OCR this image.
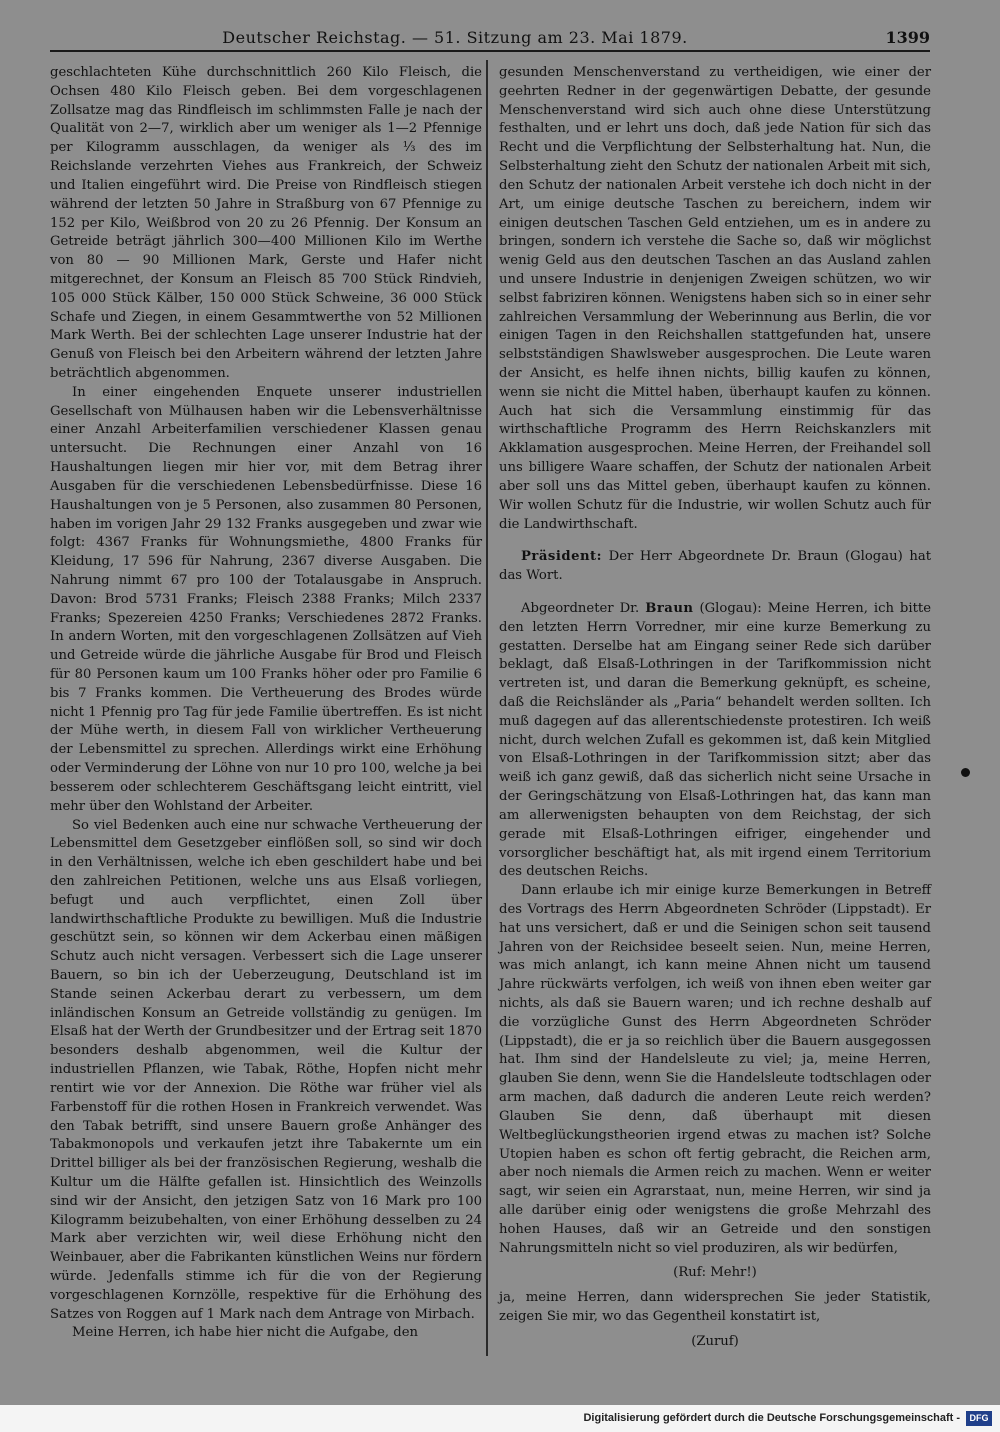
Deutscher Reichstag. — 51. Sitzung am 23. Mai 1879.	1399

geschlachteten Kühe durchschnittlich 260 Kilo Fleisch, die Ochsen 480 Kilo Fleisch geben. Bei dem vorgeschlagenen Zollsatze mag das Rindfleisch im schlimmsten Falle je nach der Qualität von 2—7, wirklich aber um weniger als 1—2 Pfennige per Kilogramm ausschlagen, da weniger als ⅓ des im Reichslande verzehrten Viehes aus Frankreich, der Schweiz und Italien eingeführt wird. Die Preise von Rindfleisch stiegen während der letzten 50 Jahre in Straßburg von 67 Pfennige zu 152 per Kilo, Weißbrod von 20 zu 26 Pfennig. Der Konsum an Getreide beträgt jährlich 300—400 Millionen Kilo im Werthe von 80 — 90 Millionen Mark, Gerste und Hafer nicht mitgerechnet, der Konsum an Fleisch 85 700 Stück Rindvieh, 105 000 Stück Kälber, 150 000 Stück Schweine, 36 000 Stück Schafe und Ziegen, in einem Gesammtwerthe von 52 Millionen Mark Werth. Bei der schlechten Lage unserer Industrie hat der Genuß von Fleisch bei den Arbeitern während der letzten Jahre beträchtlich abgenommen.

In einer eingehenden Enquete unserer industriellen Gesellschaft von Mülhausen haben wir die Lebensverhältnisse einer Anzahl Arbeiterfamilien verschiedener Klassen genau untersucht. Die Rechnungen einer Anzahl von 16 Haushaltungen liegen mir hier vor, mit dem Betrag ihrer Ausgaben für die verschiedenen Lebensbedürfnisse. Diese 16 Haushaltungen von je 5 Personen, also zusammen 80 Personen, haben im vorigen Jahr 29 132 Franks ausgegeben und zwar wie folgt: 4367 Franks für Wohnungsmiethe, 4800 Franks für Kleidung, 17 596 für Nahrung, 2367 diverse Ausgaben. Die Nahrung nimmt 67 pro 100 der Totalausgabe in Anspruch. Davon: Brod 5731 Franks; Fleisch 2388 Franks; Milch 2337 Franks; Spezereien 4250 Franks; Verschiedenes 2872 Franks. In andern Worten, mit den vorgeschlagenen Zollsätzen auf Vieh und Getreide würde die jährliche Ausgabe für Brod und Fleisch für 80 Personen kaum um 100 Franks höher oder pro Familie 6 bis 7 Franks kommen. Die Vertheuerung des Brodes würde nicht 1 Pfennig pro Tag für jede Familie übertreffen. Es ist nicht der Mühe werth, in diesem Fall von wirklicher Vertheuerung der Lebensmittel zu sprechen. Allerdings wirkt eine Erhöhung oder Verminderung der Löhne von nur 10 pro 100, welche ja bei besserem oder schlechterem Geschäftsgang leicht eintritt, viel mehr über den Wohlstand der Arbeiter.

So viel Bedenken auch eine nur schwache Vertheuerung der Lebensmittel dem Gesetzgeber einflößen soll, so sind wir doch in den Verhältnissen, welche ich eben geschildert habe und bei den zahlreichen Petitionen, welche uns aus Elsaß vorliegen, befugt und auch verpflichtet, einen Zoll über landwirthschaftliche Produkte zu bewilligen. Muß die Industrie geschützt sein, so können wir dem Ackerbau einen mäßigen Schutz auch nicht versagen. Verbessert sich die Lage unserer Bauern, so bin ich der Ueberzeugung, Deutschland ist im Stande seinen Ackerbau derart zu verbessern, um dem inländischen Konsum an Getreide vollständig zu genügen. Im Elsaß hat der Werth der Grundbesitzer und der Ertrag seit 1870 besonders deshalb abgenommen, weil die Kultur der industriellen Pflanzen, wie Tabak, Röthe, Hopfen nicht mehr rentirt wie vor der Annexion. Die Röthe war früher viel als Farbenstoff für die rothen Hosen in Frankreich verwendet. Was den Tabak betrifft, sind unsere Bauern große Anhänger des Tabakmonopols und verkaufen jetzt ihre Tabakernte um ein Drittel billiger als bei der französischen Regierung, weshalb die Kultur um die Hälfte gefallen ist. Hinsichtlich des Weinzolls sind wir der Ansicht, den jetzigen Satz von 16 Mark pro 100 Kilogramm beizubehalten, von einer Erhöhung desselben zu 24 Mark aber verzichten wir, weil diese Erhöhung nicht den Weinbauer, aber die Fabrikanten künstlichen Weins nur fördern würde. Jedenfalls stimme ich für die von der Regierung vorgeschlagenen Kornzölle, respektive für die Erhöhung des Satzes von Roggen auf 1 Mark nach dem Antrage von Mirbach.

Meine Herren, ich habe hier nicht die Aufgabe, den

gesunden Menschenverstand zu vertheidigen, wie einer der geehrten Redner in der gegenwärtigen Debatte, der gesunde Menschenverstand wird sich auch ohne diese Unterstützung festhalten, und er lehrt uns doch, daß jede Nation für sich das Recht und die Verpflichtung der Selbsterhaltung hat. Nun, die Selbsterhaltung zieht den Schutz der nationalen Arbeit mit sich, den Schutz der nationalen Arbeit verstehe ich doch nicht in der Art, um einige deutsche Taschen zu bereichern, indem wir einigen deutschen Taschen Geld entziehen, um es in andere zu bringen, sondern ich verstehe die Sache so, daß wir möglichst wenig Geld aus den deutschen Taschen an das Ausland zahlen und unsere Industrie in denjenigen Zweigen schützen, wo wir selbst fabriziren können. Wenigstens haben sich so in einer sehr zahlreichen Versammlung der Weberinnung aus Berlin, die vor einigen Tagen in den Reichshallen stattgefunden hat, unsere selbstständigen Shawlsweber ausgesprochen. Die Leute waren der Ansicht, es helfe ihnen nichts, billig kaufen zu können, wenn sie nicht die Mittel haben, überhaupt kaufen zu können. Auch hat sich die Versammlung einstimmig für das wirthschaftliche Programm des Herrn Reichskanzlers mit Akklamation ausgesprochen. Meine Herren, der Freihandel soll uns billigere Waare schaffen, der Schutz der nationalen Arbeit aber soll uns das Mittel geben, überhaupt kaufen zu können. Wir wollen Schutz für die Industrie, wir wollen Schutz auch für die Landwirthschaft.

Präsident: Der Herr Abgeordnete Dr. Braun (Glogau) hat das Wort.

Abgeordneter Dr. Braun (Glogau): Meine Herren, ich bitte den letzten Herrn Vorredner, mir eine kurze Bemerkung zu gestatten. Derselbe hat am Eingang seiner Rede sich darüber beklagt, daß Elsaß-Lothringen in der Tarifkommission nicht vertreten ist, und daran die Bemerkung geknüpft, es scheine, daß die Reichsländer als „Paria“ behandelt werden sollten. Ich muß dagegen auf das allerentschiedenste protestiren. Ich weiß nicht, durch welchen Zufall es gekommen ist, daß kein Mitglied von Elsaß-Lothringen in der Tarifkommission sitzt; aber das weiß ich ganz gewiß, daß das sicherlich nicht seine Ursache in der Geringschätzung von Elsaß-Lothringen hat, das kann man am allerwenigsten behaupten von dem Reichstag, der sich gerade mit Elsaß-Lothringen eifriger, eingehender und vorsorglicher beschäftigt hat, als mit irgend einem Territorium des deutschen Reichs.

Dann erlaube ich mir einige kurze Bemerkungen in Betreff des Vortrags des Herrn Abgeordneten Schröder (Lippstadt). Er hat uns versichert, daß er und die Seinigen schon seit tausend Jahren von der Reichsidee beseelt seien. Nun, meine Herren, was mich anlangt, ich kann meine Ahnen nicht um tausend Jahre rückwärts verfolgen, ich weiß von ihnen eben weiter gar nichts, als daß sie Bauern waren; und ich rechne deshalb auf die vorzügliche Gunst des Herrn Abgeordneten Schröder (Lippstadt), die er ja so reichlich über die Bauern ausgegossen hat. Ihm sind der Handelsleute zu viel; ja, meine Herren, glauben Sie denn, wenn Sie die Handelsleute todtschlagen oder arm machen, daß dadurch die anderen Leute reich werden? Glauben Sie denn, daß überhaupt mit diesen Weltbeglückungstheorien irgend etwas zu machen ist? Solche Utopien haben es schon oft fertig gebracht, die Reichen arm, aber noch niemals die Armen reich zu machen. Wenn er weiter sagt, wir seien ein Agrarstaat, nun, meine Herren, wir sind ja alle darüber einig oder wenigstens die große Mehrzahl des hohen Hauses, daß wir an Getreide und den sonstigen Nahrungsmitteln nicht so viel produziren, als wir bedürfen,

(Ruf: Mehr!)

ja, meine Herren, dann widersprechen Sie jeder Statistik, zeigen Sie mir, wo das Gegentheil konstatirt ist,

(Zuruf)

Digitalisierung gefördert durch die Deutsche Forschungsgemeinschaft -	DFG
